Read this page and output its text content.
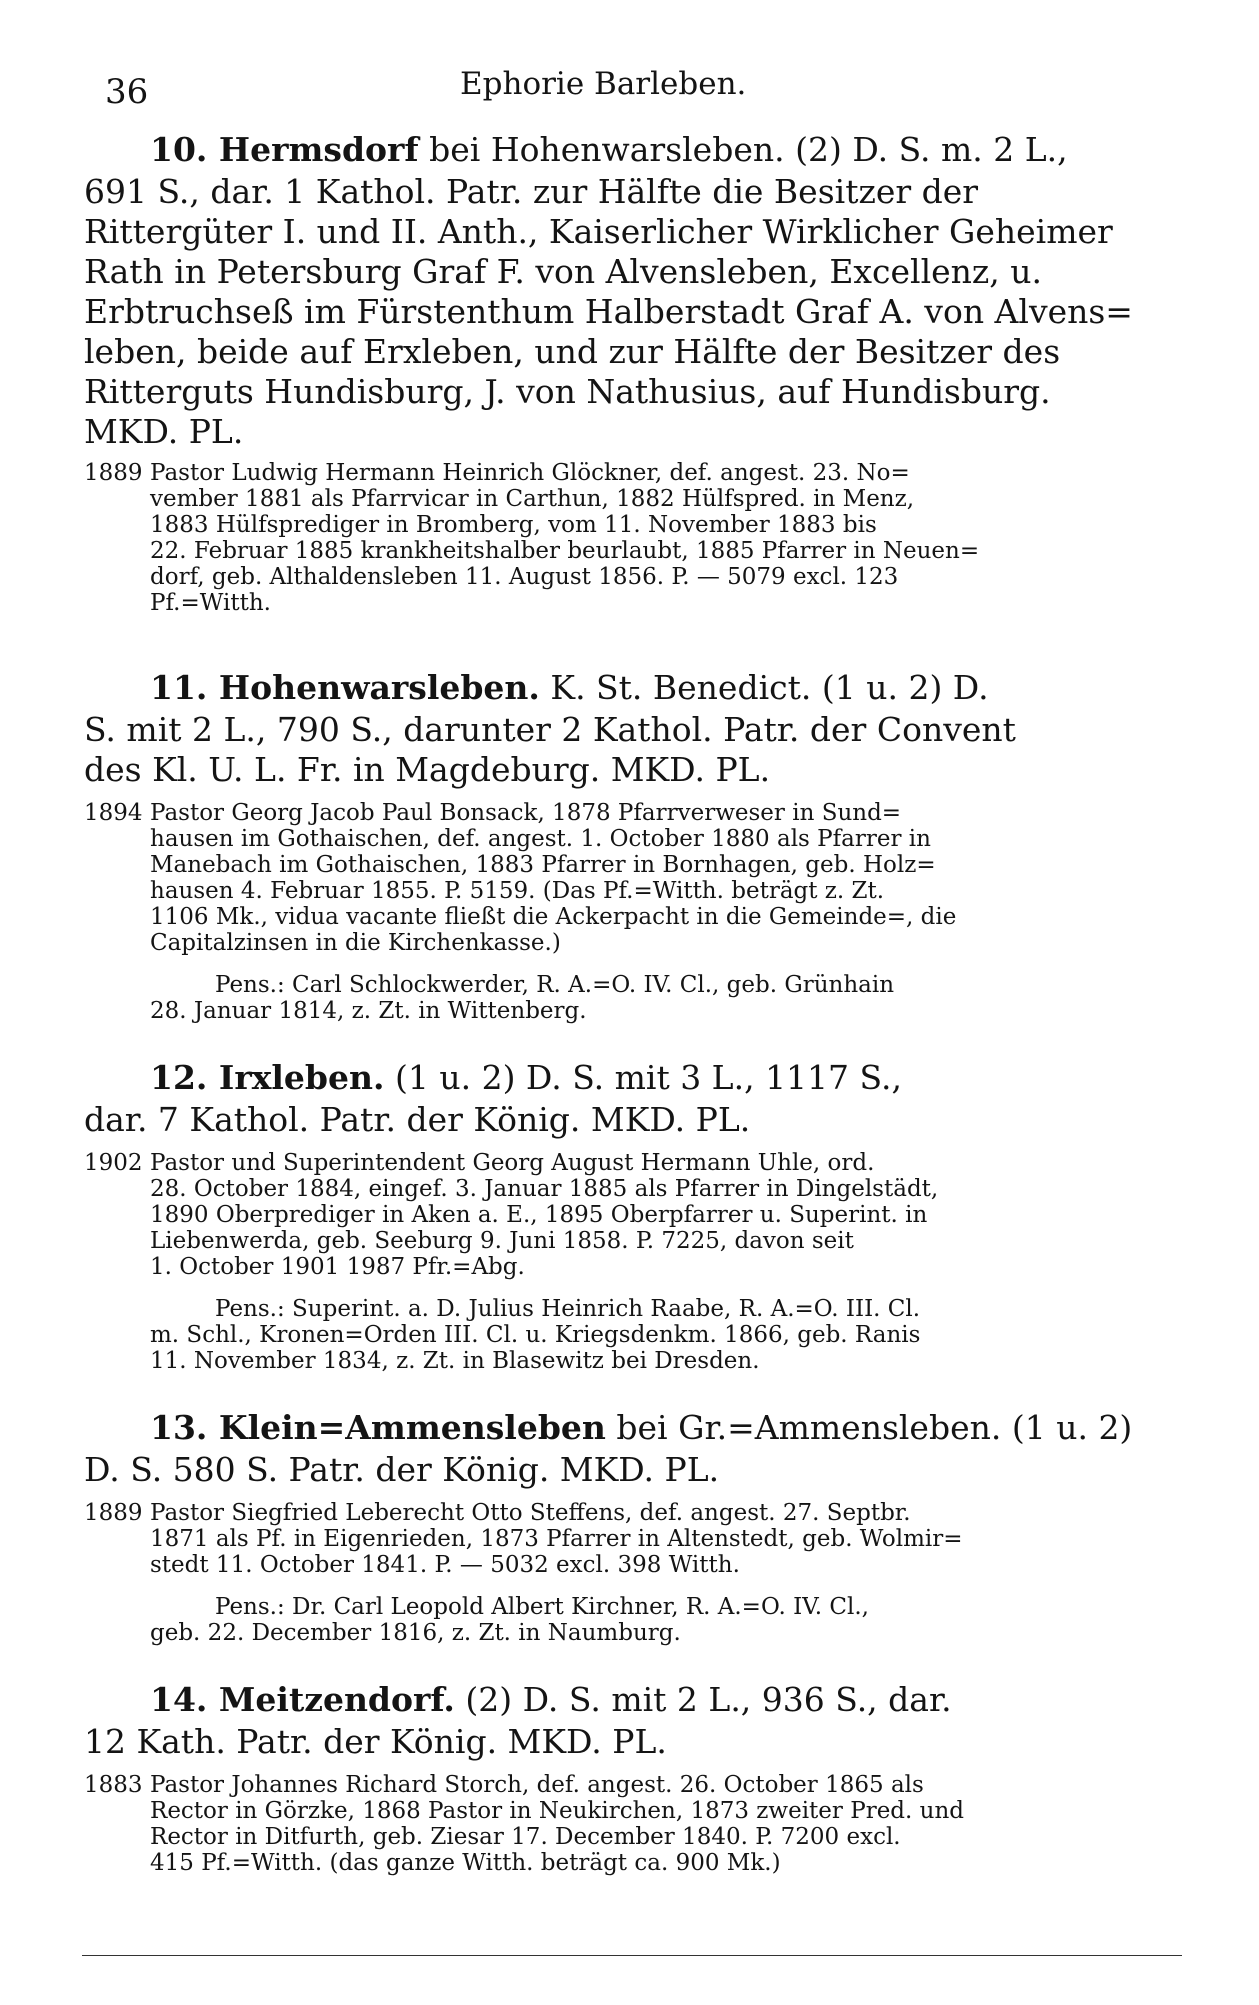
36	Ephorie Barleben.
10. Hermsdorf bei Hohenwarsleben. (2) D. S. m. 2 L.,
691 S., dar. 1 Kathol. Patr. zur Hälfte die Besitzer der
Rittergüter I. und II. Anth., Kaiserlicher Wirklicher Geheimer
Rath in Petersburg Graf F. von Alvensleben, Excellenz, u.
Erbtruchseß im Fürstenthum Halberstadt Graf A. von Alvens=
leben, beide auf Erxleben, und zur Hälfte der Besitzer des
Ritterguts Hundisburg, J. von Nathusius, auf Hundisburg.
MKD. PL.
1889 Pastor Ludwig Hermann Heinrich Glöckner, def. angest. 23. No=
vember 1881 als Pfarrvicar in Carthun, 1882 Hülfspred. in Menz,
1883 Hülfsprediger in Bromberg, vom 11. November 1883 bis
22. Februar 1885 krankheitshalber beurlaubt, 1885 Pfarrer in Neuen=
dorf, geb. Althaldensleben 11. August 1856. P. — 5079 excl. 123
Pf.=Witth.
11. Hohenwarsleben. K. St. Benedict. (1 u. 2) D.
S. mit 2 L., 790 S., darunter 2 Kathol. Patr. der Convent
des Kl. U. L. Fr. in Magdeburg. MKD. PL.
1894 Pastor Georg Jacob Paul Bonsack, 1878 Pfarrverweser in Sund=
hausen im Gothaischen, def. angest. 1. October 1880 als Pfarrer in
Manebach im Gothaischen, 1883 Pfarrer in Bornhagen, geb. Holz=
hausen 4. Februar 1855. P. 5159. (Das Pf.=Witth. beträgt z. Zt.
1106 Mk., vidua vacante fließt die Ackerpacht in die Gemeinde=, die
Capitalzinsen in die Kirchenkasse.)
Pens.: Carl Schlockwerder, R. A.=O. IV. Cl., geb. Grünhain
28. Januar 1814, z. Zt. in Wittenberg.
12. Irxleben. (1 u. 2) D. S. mit 3 L., 1117 S.,
dar. 7 Kathol. Patr. der König. MKD. PL.
1902 Pastor und Superintendent Georg August Hermann Uhle, ord.
28. October 1884, eingef. 3. Januar 1885 als Pfarrer in Dingelstädt,
1890 Oberprediger in Aken a. E., 1895 Oberpfarrer u. Superint. in
Liebenwerda, geb. Seeburg 9. Juni 1858. P. 7225, davon seit
1. October 1901 1987 Pfr.=Abg.
Pens.: Superint. a. D. Julius Heinrich Raabe, R. A.=O. III. Cl.
m. Schl., Kronen=Orden III. Cl. u. Kriegsdenkm. 1866, geb. Ranis
11. November 1834, z. Zt. in Blasewitz bei Dresden.
13. Klein=Ammensleben bei Gr.=Ammensleben. (1 u. 2)
D. S. 580 S. Patr. der König. MKD. PL.
1889 Pastor Siegfried Leberecht Otto Steffens, def. angest. 27. Septbr.
1871 als Pf. in Eigenrieden, 1873 Pfarrer in Altenstedt, geb. Wolmir=
stedt 11. October 1841. P. — 5032 excl. 398 Witth.
Pens.: Dr. Carl Leopold Albert Kirchner, R. A.=O. IV. Cl.,
geb. 22. December 1816, z. Zt. in Naumburg.
14. Meitzendorf. (2) D. S. mit 2 L., 936 S., dar.
12 Kath. Patr. der König. MKD. PL.
1883 Pastor Johannes Richard Storch, def. angest. 26. October 1865 als
Rector in Görzke, 1868 Pastor in Neukirchen, 1873 zweiter Pred. und
Rector in Ditfurth, geb. Ziesar 17. December 1840. P. 7200 excl.
415 Pf.=Witth. (das ganze Witth. beträgt ca. 900 Mk.)
